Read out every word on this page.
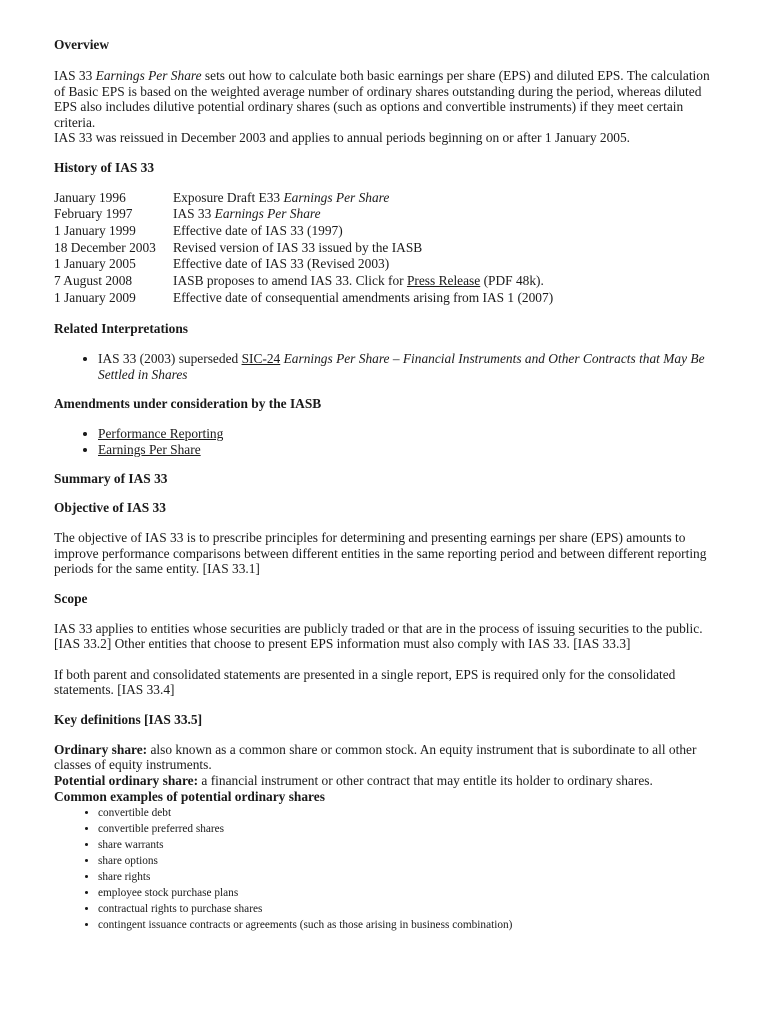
Overview

IAS 33 Earnings Per Share sets out how to calculate both basic earnings per share (EPS) and diluted EPS. The calculation of Basic EPS is based on the weighted average number of ordinary shares outstanding during the period, whereas diluted EPS also includes dilutive potential ordinary shares (such as options and convertible instruments) if they meet certain criteria.

IAS 33 was reissued in December 2003 and applies to annual periods beginning on or after 1 January 2005.

History of IAS 33

January 1996	Exposure Draft E33 Earnings Per Share
February 1997	IAS 33 Earnings Per Share
1 January 1999	Effective date of IAS 33 (1997)
18 December 2003	Revised version of IAS 33 issued by the IASB
1 January 2005	Effective date of IAS 33 (Revised 2003)
7 August 2008	IASB proposes to amend IAS 33. Click for Press Release (PDF 48k).
1 January 2009	Effective date of consequential amendments arising from IAS 1 (2007)

Related Interpretations

• IAS 33 (2003) superseded SIC-24 Earnings Per Share – Financial Instruments and Other Contracts that May Be Settled in Shares

Amendments under consideration by the IASB

• Performance Reporting
• Earnings Per Share

Summary of IAS 33

Objective of IAS 33

The objective of IAS 33 is to prescribe principles for determining and presenting earnings per share (EPS) amounts to improve performance comparisons between different entities in the same reporting period and between different reporting periods for the same entity. [IAS 33.1]

Scope

IAS 33 applies to entities whose securities are publicly traded or that are in the process of issuing securities to the public. [IAS 33.2] Other entities that choose to present EPS information must also comply with IAS 33. [IAS 33.3]

If both parent and consolidated statements are presented in a single report, EPS is required only for the consolidated statements. [IAS 33.4]

Key definitions [IAS 33.5]

Ordinary share: also known as a common share or common stock. An equity instrument that is subordinate to all other classes of equity instruments.

Potential ordinary share: a financial instrument or other contract that may entitle its holder to ordinary shares.

Common examples of potential ordinary shares

• convertible debt
• convertible preferred shares
• share warrants
• share options
• share rights
• employee stock purchase plans
• contractual rights to purchase shares
• contingent issuance contracts or agreements (such as those arising in business combination)
